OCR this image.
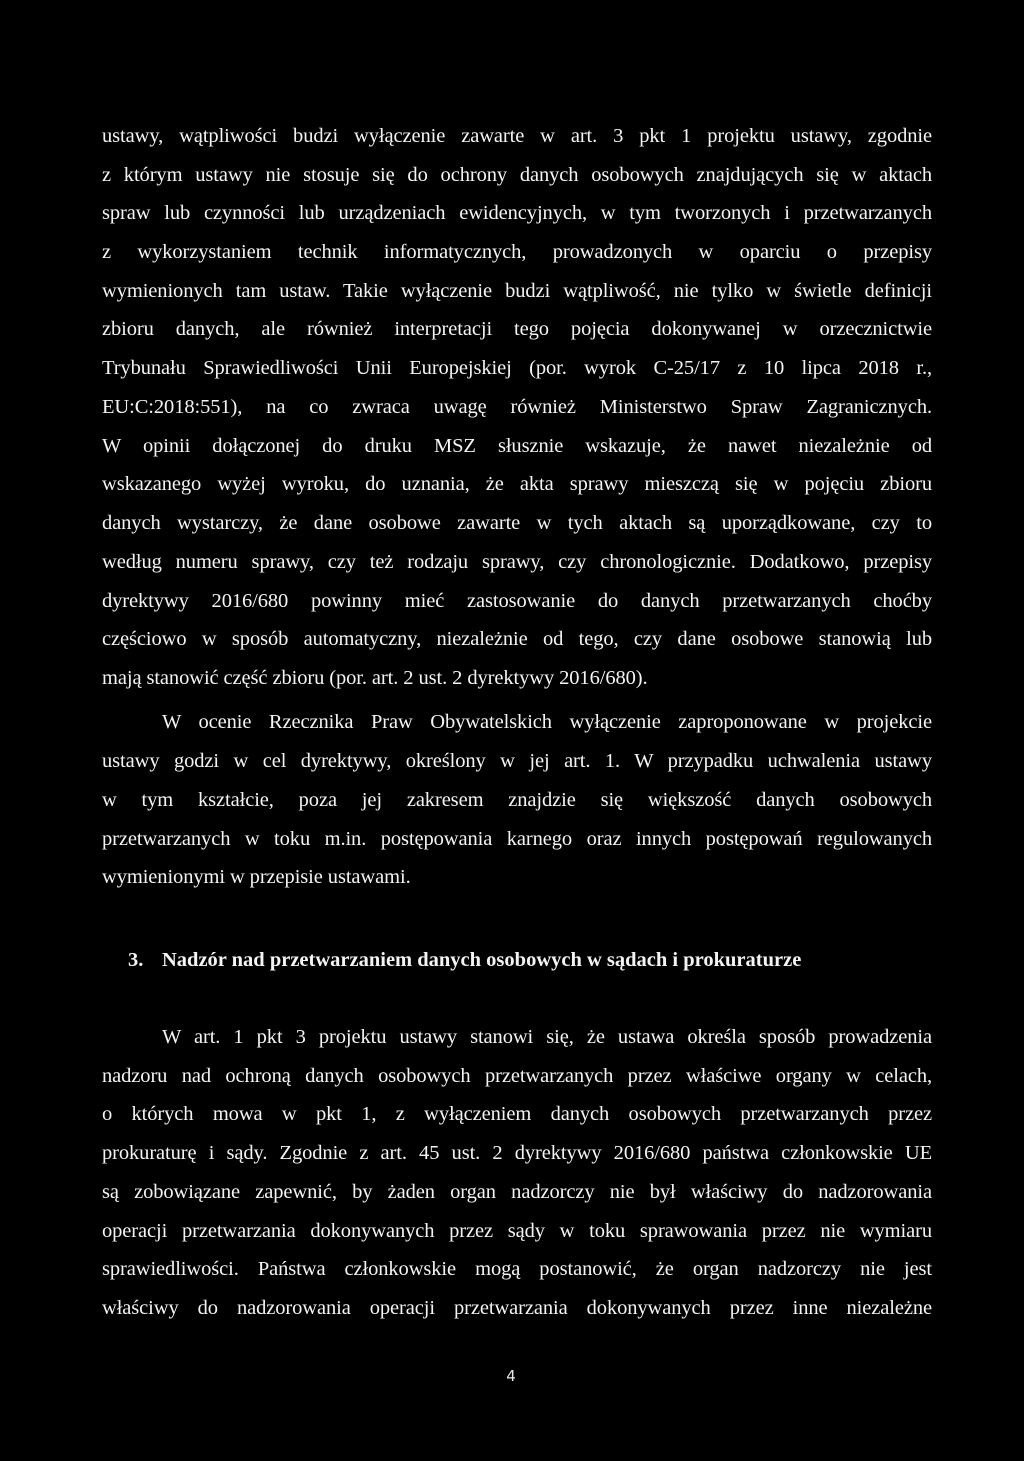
ustawy, wątpliwości budzi wyłączenie zawarte w art. 3 pkt 1 projektu ustawy, zgodnie
z którym ustawy nie stosuje się do ochrony danych osobowych znajdujących się w aktach
spraw lub czynności lub urządzeniach ewidencyjnych, w tym tworzonych i przetwarzanych
z wykorzystaniem technik informatycznych, prowadzonych w oparciu o przepisy
wymienionych tam ustaw. Takie wyłączenie budzi wątpliwość, nie tylko w świetle definicji
zbioru danych, ale również interpretacji tego pojęcia dokonywanej w orzecznictwie
Trybunału Sprawiedliwości Unii Europejskiej (por. wyrok C-25/17 z 10 lipca 2018 r.,
EU:C:2018:551), na co zwraca uwagę również Ministerstwo Spraw Zagranicznych.
W opinii dołączonej do druku MSZ słusznie wskazuje, że nawet niezależnie od
wskazanego wyżej wyroku, do uznania, że akta sprawy mieszczą się w pojęciu zbioru
danych wystarczy, że dane osobowe zawarte w tych aktach są uporządkowane, czy to
według numeru sprawy, czy też rodzaju sprawy, czy chronologicznie. Dodatkowo, przepisy
dyrektywy 2016/680 powinny mieć zastosowanie do danych przetwarzanych choćby
częściowo w sposób automatyczny, niezależnie od tego, czy dane osobowe stanowią lub
mają stanowić część zbioru (por. art. 2 ust. 2 dyrektywy 2016/680).
W ocenie Rzecznika Praw Obywatelskich wyłączenie zaproponowane w projekcie
ustawy godzi w cel dyrektywy, określony w jej art. 1. W przypadku uchwalenia ustawy
w tym kształcie, poza jej zakresem znajdzie się większość danych osobowych
przetwarzanych w toku m.in. postępowania karnego oraz innych postępowań regulowanych
wymienionymi w przepisie ustawami.
3. Nadzór nad przetwarzaniem danych osobowych w sądach i prokuraturze
W art. 1 pkt 3 projektu ustawy stanowi się, że ustawa określa sposób prowadzenia
nadzoru nad ochroną danych osobowych przetwarzanych przez właściwe organy w celach,
o których mowa w pkt 1, z wyłączeniem danych osobowych przetwarzanych przez
prokuraturę i sądy. Zgodnie z art. 45 ust. 2 dyrektywy 2016/680 państwa członkowskie UE
są zobowiązane zapewnić, by żaden organ nadzorczy nie był właściwy do nadzorowania
operacji przetwarzania dokonywanych przez sądy w toku sprawowania przez nie wymiaru
sprawiedliwości. Państwa członkowskie mogą postanowić, że organ nadzorczy nie jest
właściwy do nadzorowania operacji przetwarzania dokonywanych przez inne niezależne
4
